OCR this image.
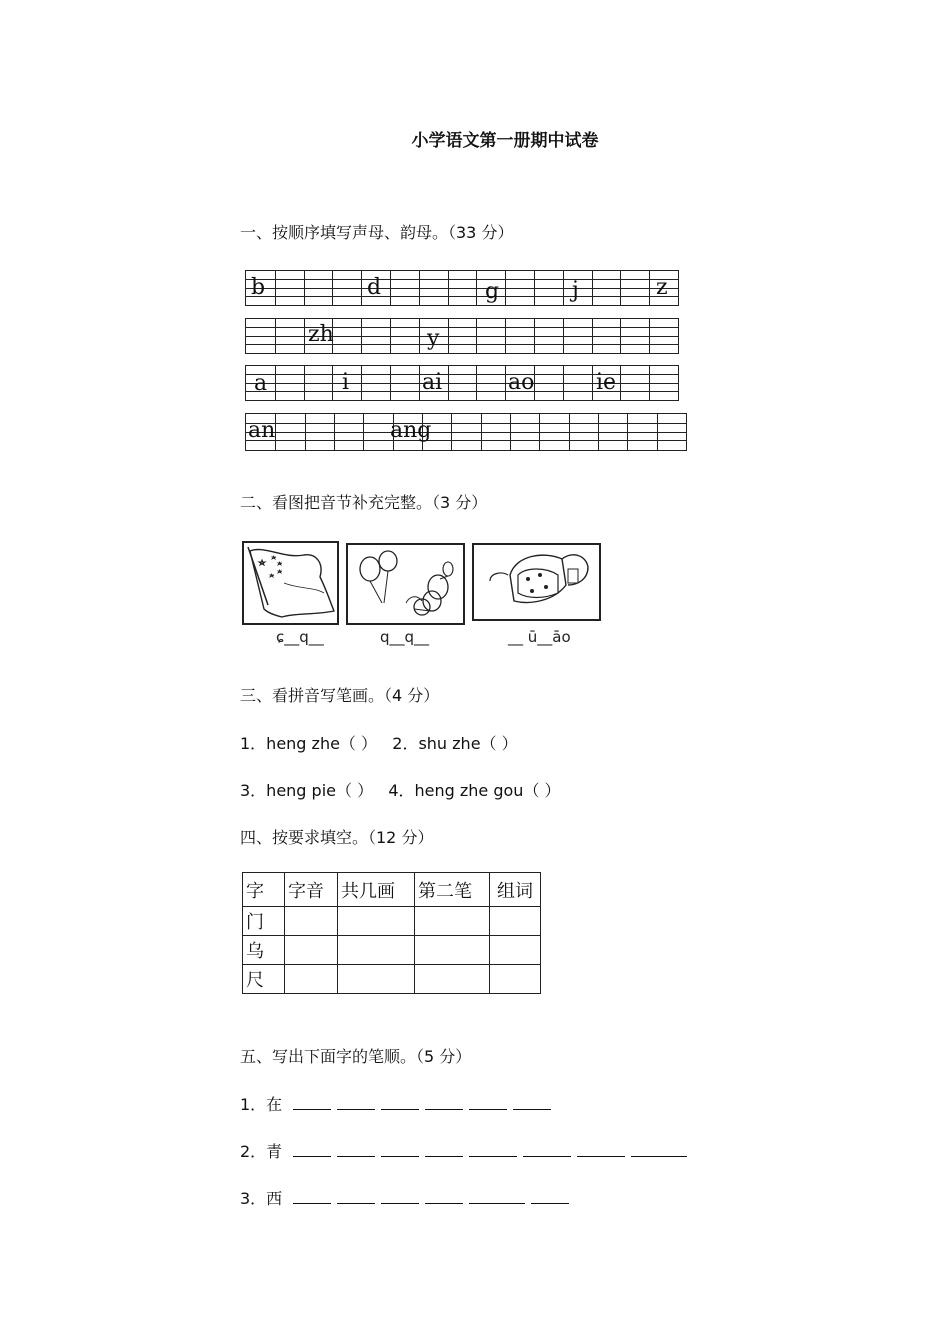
小学语文第一册期中试卷
一、按顺序填写声母、韵母。（33 分）
b	d	g	j	z
zh	y
a	i	ai	ao	ie
an	ang
二、看图把音节补充完整。（3 分）
ɕ__q__	q__q__	__ ū__āo
三、看拼音写笔画。（4 分）
1．heng zhe（ ）   2．shu zhe（ ）
3．heng pie（ ）   4．heng zhe gou（ ）
四、按要求填空。（12 分）
字	字音	共几画	第二笔	组词
门				
乌				
尺				
五、写出下面字的笔顺。（5 分）
1．在
2．青
3．西
